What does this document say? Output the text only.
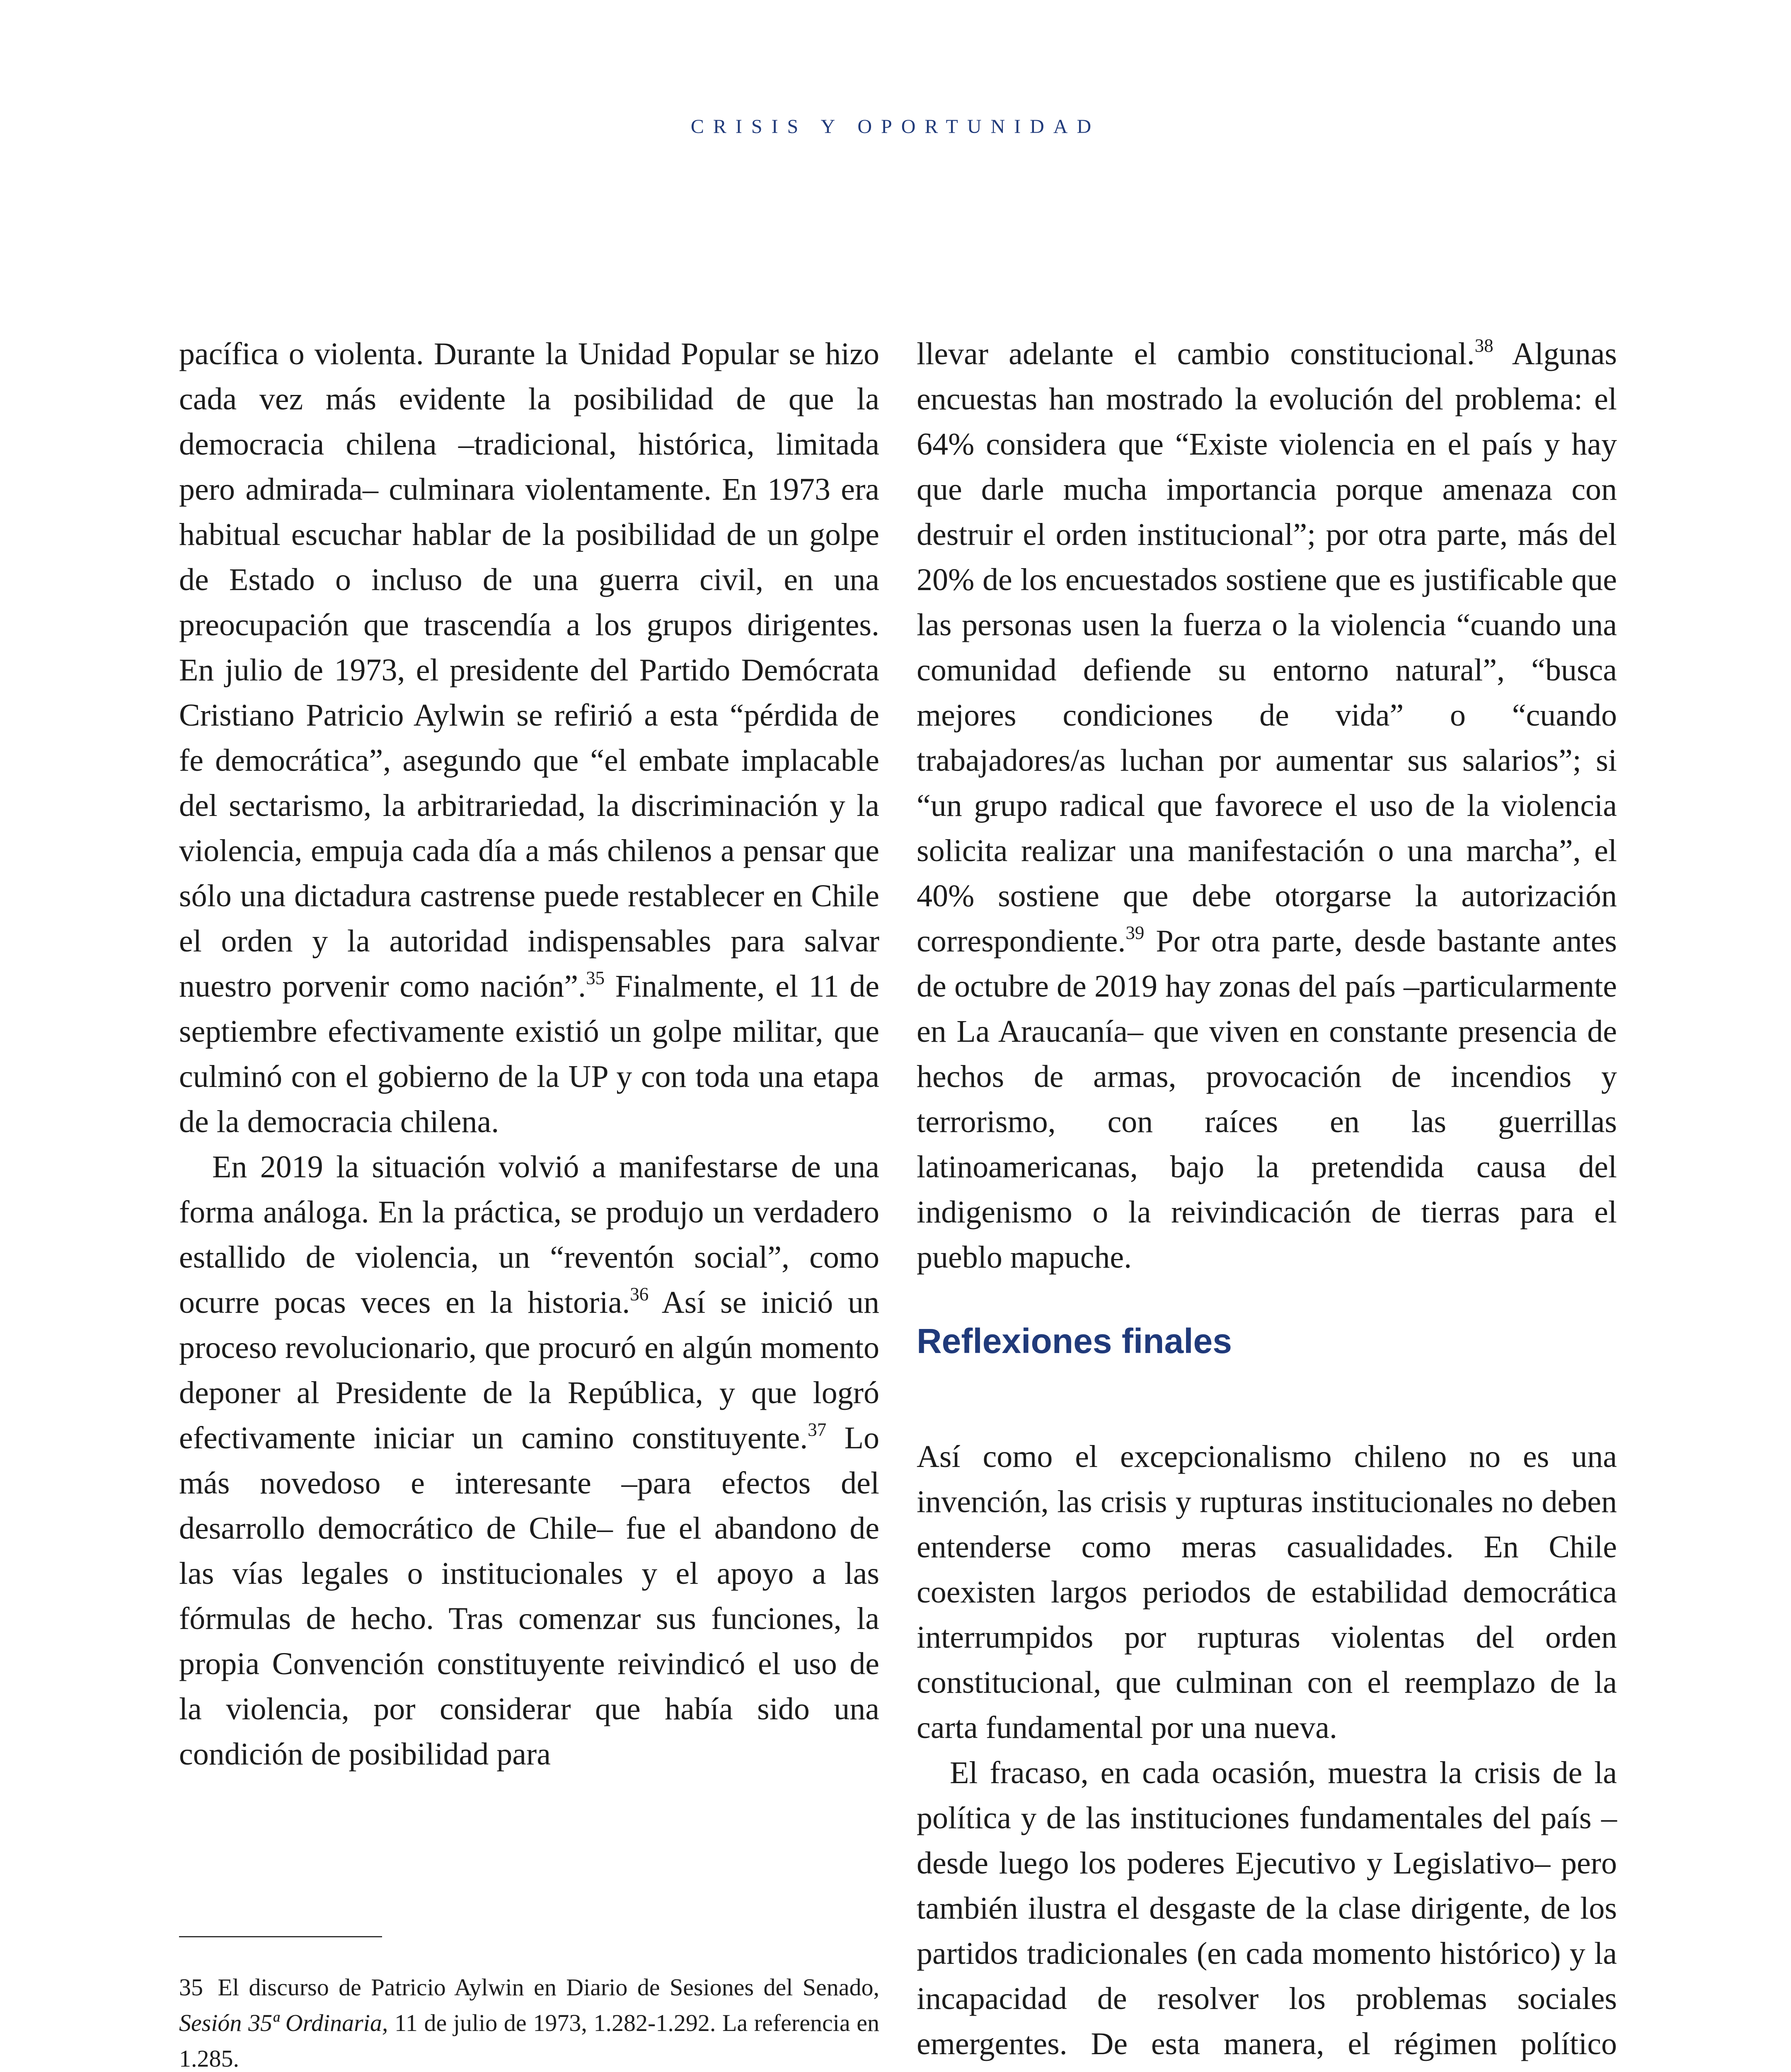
CRISIS Y OPORTUNIDAD

pacífica o violenta. Durante la Unidad Popular se hizo cada vez más evidente la posibilidad de que la democracia chilena –tradicional, histórica, limitada pero admirada– culminara violentamente. En 1973 era habitual escuchar hablar de la posibilidad de un golpe de Estado o incluso de una guerra civil, en una preocupación que trascendía a los grupos dirigentes. En julio de 1973, el presidente del Partido Demócrata Cristiano Patricio Aylwin se refirió a esta “pérdida de fe democrática”, asegundo que “el embate implacable del sectarismo, la arbitrariedad, la discriminación y la violencia, empuja cada día a más chilenos a pensar que sólo una dictadura castrense puede restablecer en Chile el orden y la autoridad indispensables para salvar nuestro porvenir como nación”.$^{35}$ Finalmente, el 11 de septiembre efectivamente existió un golpe militar, que culminó con el gobierno de la UP y con toda una etapa de la democracia chilena.

En 2019 la situación volvió a manifestarse de una forma análoga. En la práctica, se produjo un verdadero estallido de violencia, un “reventón social”, como ocurre pocas veces en la historia.$^{36}$ Así se inició un proceso revolucionario, que procuró en algún momento deponer al Presidente de la República, y que logró efectivamente iniciar un camino constituyente.$^{37}$ Lo más novedoso e interesante –para efectos del desarrollo democrático de Chile– fue el abandono de las vías legales o institucionales y el apoyo a las fórmulas de hecho. Tras comenzar sus funciones, la propia Convención constituyente reivindicó el uso de la violencia, por considerar que había sido una condición de posibilidad para

llevar adelante el cambio constitucional.$^{38}$ Algunas encuestas han mostrado la evolución del problema: el 64% considera que “Existe violencia en el país y hay que darle mucha importancia porque amenaza con destruir el orden institucional”; por otra parte, más del 20% de los encuestados sostiene que es justificable que las personas usen la fuerza o la violencia “cuando una comunidad defiende su entorno natural”, “busca mejores condiciones de vida” o “cuando trabajadores/as luchan por aumentar sus salarios”; si “un grupo radical que favorece el uso de la violencia solicita realizar una manifestación o una marcha”, el 40% sostiene que debe otorgarse la autorización correspondiente.$^{39}$ Por otra parte, desde bastante antes de octubre de 2019 hay zonas del país –particularmente en La Araucanía– que viven en constante presencia de hechos de armas, provocación de incendios y terrorismo, con raíces en las guerrillas latinoamericanas, bajo la pretendida causa del indigenismo o la reivindicación de tierras para el pueblo mapuche.

Reflexiones finales

Así como el excepcionalismo chileno no es una invención, las crisis y rupturas institucionales no deben entenderse como meras casualidades. En Chile coexisten largos periodos de estabilidad democrática interrumpidos por rupturas violentas del orden constitucional, que culminan con el reemplazo de la carta fundamental por una nueva.

El fracaso, en cada ocasión, muestra la crisis de la política y de las instituciones fundamentales del país –desde luego los poderes Ejecutivo y Legislativo– pero también ilustra el desgaste de la clase dirigente, de los partidos tradicionales (en cada momento histórico) y la incapacidad de resolver los problemas sociales emergentes. De esta manera, el régimen político

35 El discurso de Patricio Aylwin en Diario de Sesiones del Senado, Sesión 35ª Ordinaria, 11 de julio de 1973, 1.282-1.292. La referencia en 1.285.
